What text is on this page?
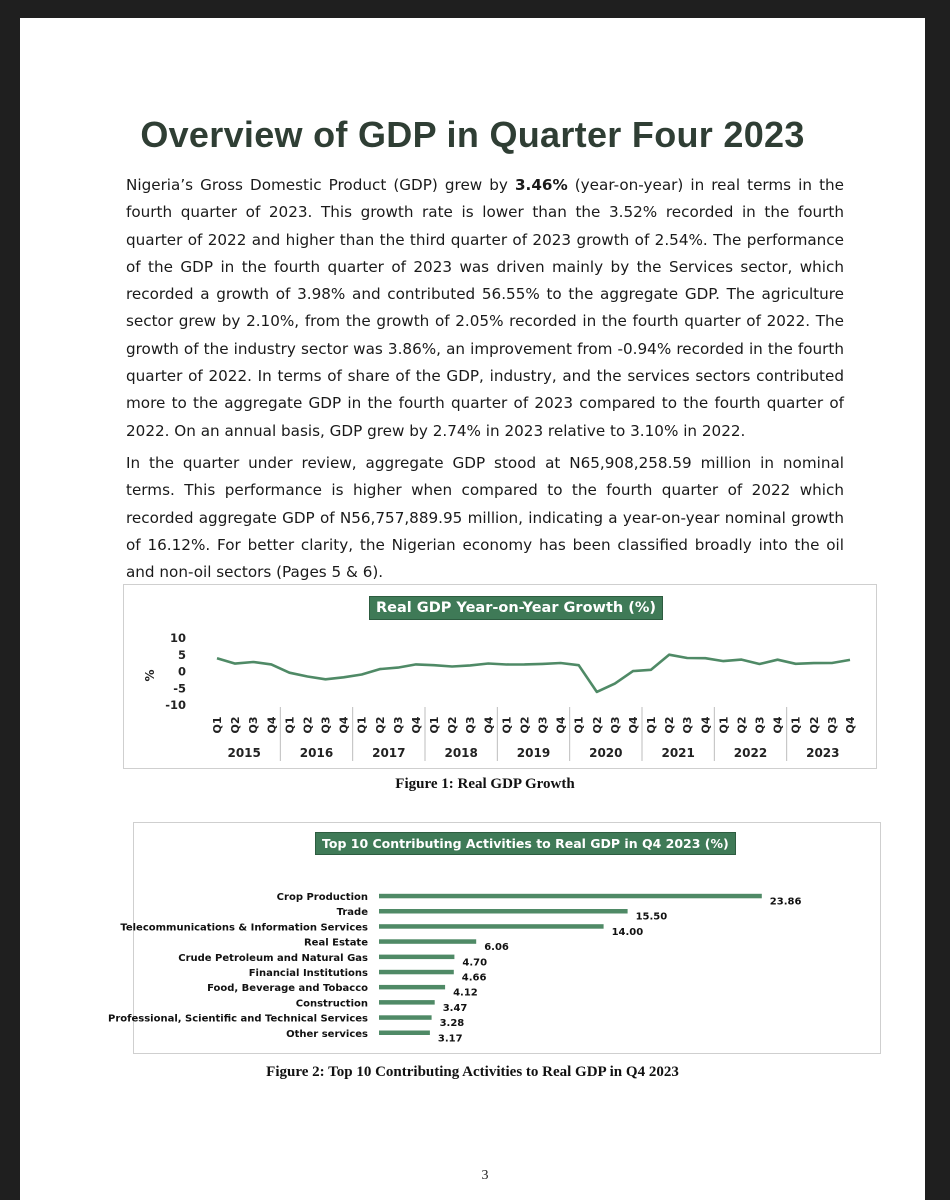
Overview of GDP in Quarter Four 2023

Nigeria’s Gross Domestic Product (GDP) grew by 3.46% (year-on-year) in real terms in the fourth quarter of 2023. This growth rate is lower than the 3.52% recorded in the fourth quarter of 2022 and higher than the third quarter of 2023 growth of 2.54%. The performance of the GDP in the fourth quarter of 2023 was driven mainly by the Services sector, which recorded a growth of 3.98% and contributed 56.55% to the aggregate GDP. The agriculture sector grew by 2.10%, from the growth of 2.05% recorded in the fourth quarter of 2022. The growth of the industry sector was 3.86%, an improvement from -0.94% recorded in the fourth quarter of 2022. In terms of share of the GDP, industry, and the services sectors contributed more to the aggregate GDP in the fourth quarter of 2023 compared to the fourth quarter of 2022. On an annual basis, GDP grew by 2.74% in 2023 relative to 3.10% in 2022.

In the quarter under review, aggregate GDP stood at N65,908,258.59 million in nominal terms. This performance is higher when compared to the fourth quarter of 2022 which recorded aggregate GDP of N56,757,889.95 million, indicating a year-on-year nominal growth of 16.12%. For better clarity, the Nigerian economy has been classified broadly into the oil and non-oil sectors (Pages 5 & 6).

Real GDP Year-on-Year Growth (%)
10
5
0
-5
-10
%
Q1 Q2 Q3 Q4 Q1 Q2 Q3 Q4 Q1 Q2 Q3 Q4 Q1 Q2 Q3 Q4 Q1 Q2 Q3 Q4 Q1 Q2 Q3 Q4 Q1 Q2 Q3 Q4 Q1 Q2 Q3 Q4 Q1 Q2 Q3 Q4
2015	2016	2017	2018	2019	2020	2021	2022	2023
Figure 1: Real GDP Growth
Top 10 Contributing Activities to Real GDP in Q4 2023 (%)
Crop Production	23.86
Trade	15.50
Telecommunications & Information Services	14.00
Real Estate	6.06
Crude Petroleum and Natural Gas	4.70
Financial Institutions	4.66
Food, Beverage and Tobacco	4.12
Construction	3.47
Professional, Scientific and Technical Services	3.28
Other services	3.17
Figure 2: Top 10 Contributing Activities to Real GDP in Q4 2023
3
